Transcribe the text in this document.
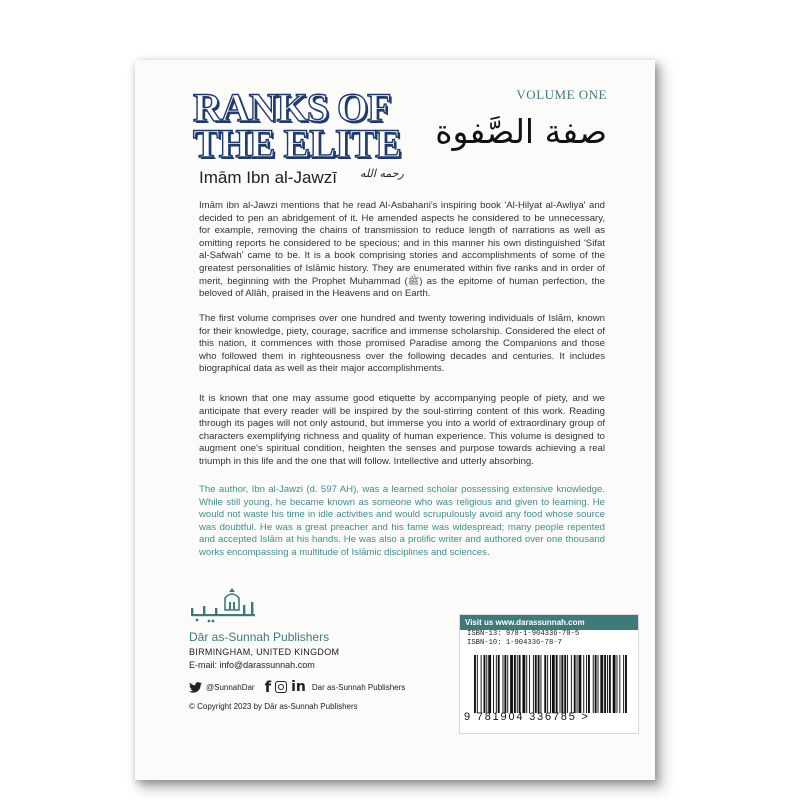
VOLUME ONE
RANKS OF
THE ELITE	صفة الصَّفوة
Imām Ibn al-Jawzī رحمه الله

Imām ibn al-Jawzi mentions that he read Al-Asbahani's inspiring book 'Al-Ḥilyat al-Awliya' and decided to pen an abridgement of it. He amended aspects he considered to be unnecessary, for example, removing the chains of transmission to reduce length of narrations as well as omitting reports he considered to be specious; and in this manner his own distinguished 'Ṣifat al-Ṣafwah' came to be. It is a book comprising stories and accomplishments of some of the greatest personalities of Islāmic history. They are enumerated within five ranks and in order of merit, beginning with the Prophet Muḥammad (ﷺ) as the epitome of human perfection, the beloved of Allāh, praised in the Heavens and on Earth.

The first volume comprises over one hundred and twenty towering individuals of Islām, known for their knowledge, piety, courage, sacrifice and immense scholarship. Considered the elect of this nation, it commences with those promised Paradise among the Companions and those who followed them in righteousness over the following decades and centuries. It includes biographical data as well as their major accomplishments.

It is known that one may assume good etiquette by accompanying people of piety, and we anticipate that every reader will be inspired by the soul-stirring content of this work. Reading through its pages will not only astound, but immerse you into a world of extraordinary group of characters exemplifying richness and quality of human experience. This volume is designed to augment one's spiritual condition, heighten the senses and purpose towards achieving a real triumph in this life and the one that will follow. Intellective and utterly absorbing.

The author, Ibn al-Jawzi (d. 597 AH), was a learned scholar possessing extensive knowledge. While still young, he became known as someone who was religious and given to learning. He would not waste his time in idle activities and would scrupulously avoid any food whose source was doubtful. He was a great preacher and his fame was widespread; many people repented and accepted Islām at his hands. He was also a prolific writer and authored over one thousand works encompassing a multitude of Islāmic disciplines and sciences.

Dār as-Sunnah Publishers
BIRMINGHAM, UNITED KINGDOM
E-mail: info@darassunnah.com
@SunnahDar f in Dar as-Sunnah Publishers
© Copyright 2023 by Dār as-Sunnah Publishers
Visit us www.darassunnah.com
ISBN-13: 978-1-904336-78-5
ISBN-10: 1-904336-78-7
9 781904 336785 >
